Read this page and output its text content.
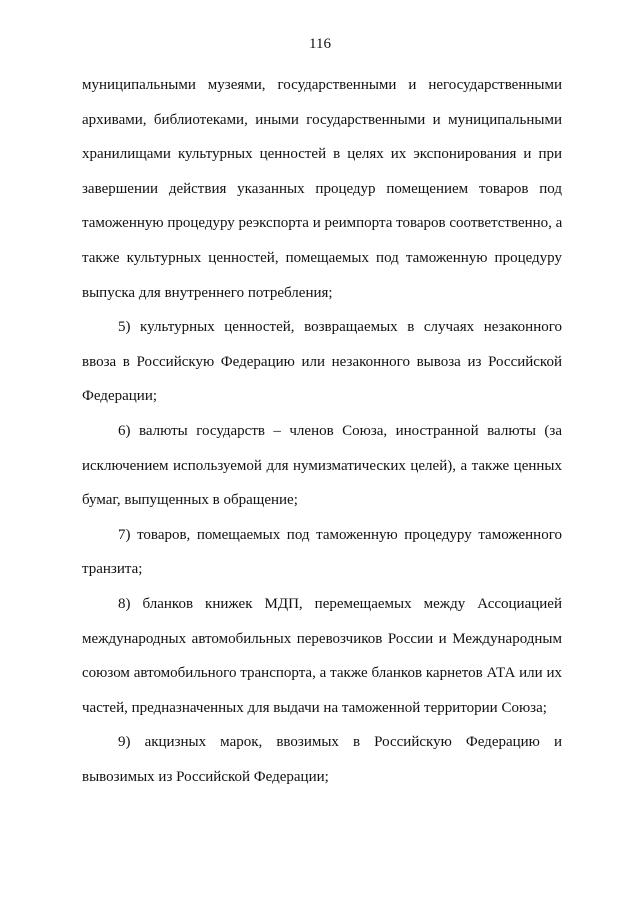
116
муниципальными музеями, государственными и негосударственными
архивами, библиотеками, иными государственными и муниципальными
хранилищами культурных ценностей в целях их экспонирования и при
завершении действия указанных процедур помещением товаров под
таможенную процедуру реэкспорта и реимпорта товаров соответственно, а
также культурных ценностей, помещаемых под таможенную процедуру
выпуска для внутреннего потребления;
5) культурных ценностей, возвращаемых в случаях незаконного
ввоза в Российскую Федерацию или незаконного вывоза из Российской
Федерации;
6) валюты государств – членов Союза, иностранной валюты (за
исключением используемой для нумизматических целей), а также ценных
бумаг, выпущенных в обращение;
7) товаров, помещаемых под таможенную процедуру таможенного
транзита;
8) бланков книжек МДП, перемещаемых между Ассоциацией
международных автомобильных перевозчиков России и Международным
союзом автомобильного транспорта, а также бланков карнетов АТА или их
частей, предназначенных для выдачи на таможенной территории Союза;
9) акцизных марок, ввозимых в Российскую Федерацию и
вывозимых из Российской Федерации;
